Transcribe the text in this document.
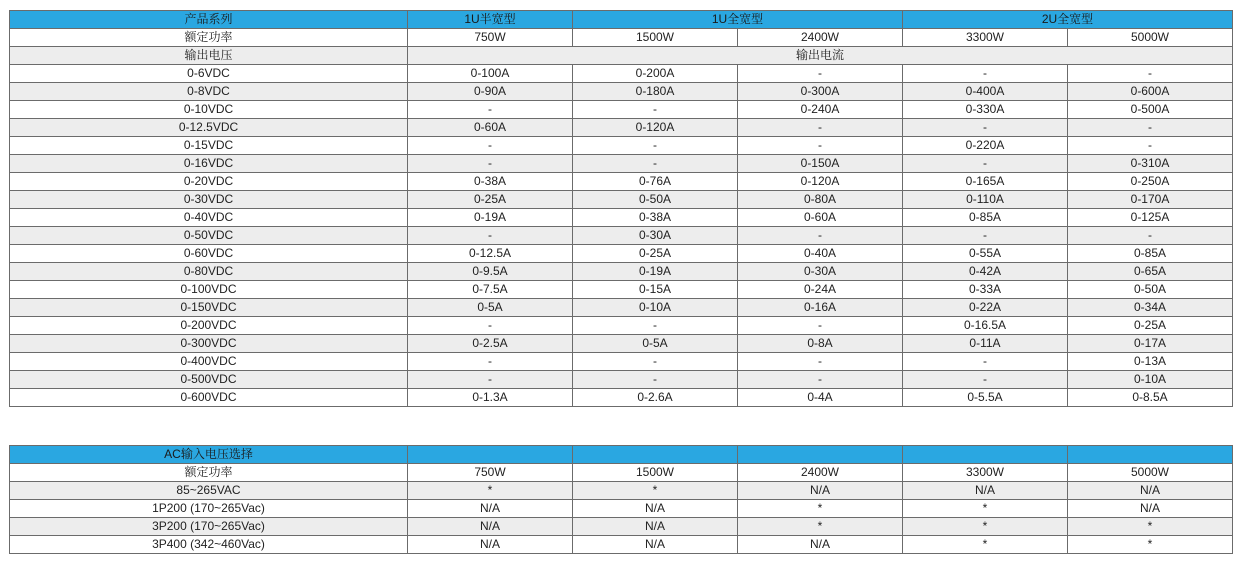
产品系列	1U半宽型	1U全宽型		2U全宽型	
额定功率	750W	1500W	2400W	3300W	5000W
输出电压	输出电流				
0-6VDC	0-100A	0-200A	-	-	-
0-8VDC	0-90A	0-180A	0-300A	0-400A	0-600A
0-10VDC	-	-	0-240A	0-330A	0-500A
0-12.5VDC	0-60A	0-120A	-	-	-
0-15VDC	-	-	-	0-220A	-
0-16VDC	-	-	0-150A	-	0-310A
0-20VDC	0-38A	0-76A	0-120A	0-165A	0-250A
0-30VDC	0-25A	0-50A	0-80A	0-110A	0-170A
0-40VDC	0-19A	0-38A	0-60A	0-85A	0-125A
0-50VDC	-	0-30A	-	-	-
0-60VDC	0-12.5A	0-25A	0-40A	0-55A	0-85A
0-80VDC	0-9.5A	0-19A	0-30A	0-42A	0-65A
0-100VDC	0-7.5A	0-15A	0-24A	0-33A	0-50A
0-150VDC	0-5A	0-10A	0-16A	0-22A	0-34A
0-200VDC	-	-	-	0-16.5A	0-25A
0-300VDC	0-2.5A	0-5A	0-8A	0-11A	0-17A
0-400VDC	-	-	-	-	0-13A
0-500VDC	-	-	-	-	0-10A
0-600VDC	0-1.3A	0-2.6A	0-4A	0-5.5A	0-8.5A
AC输入电压选择					
额定功率	750W	1500W	2400W	3300W	5000W
85~265VAC	*	*	N/A	N/A	N/A
1P200 (170~265Vac)	N/A	N/A	*	*	N/A
3P200 (170~265Vac)	N/A	N/A	*	*	*
3P400 (342~460Vac)	N/A	N/A	N/A	*	*
